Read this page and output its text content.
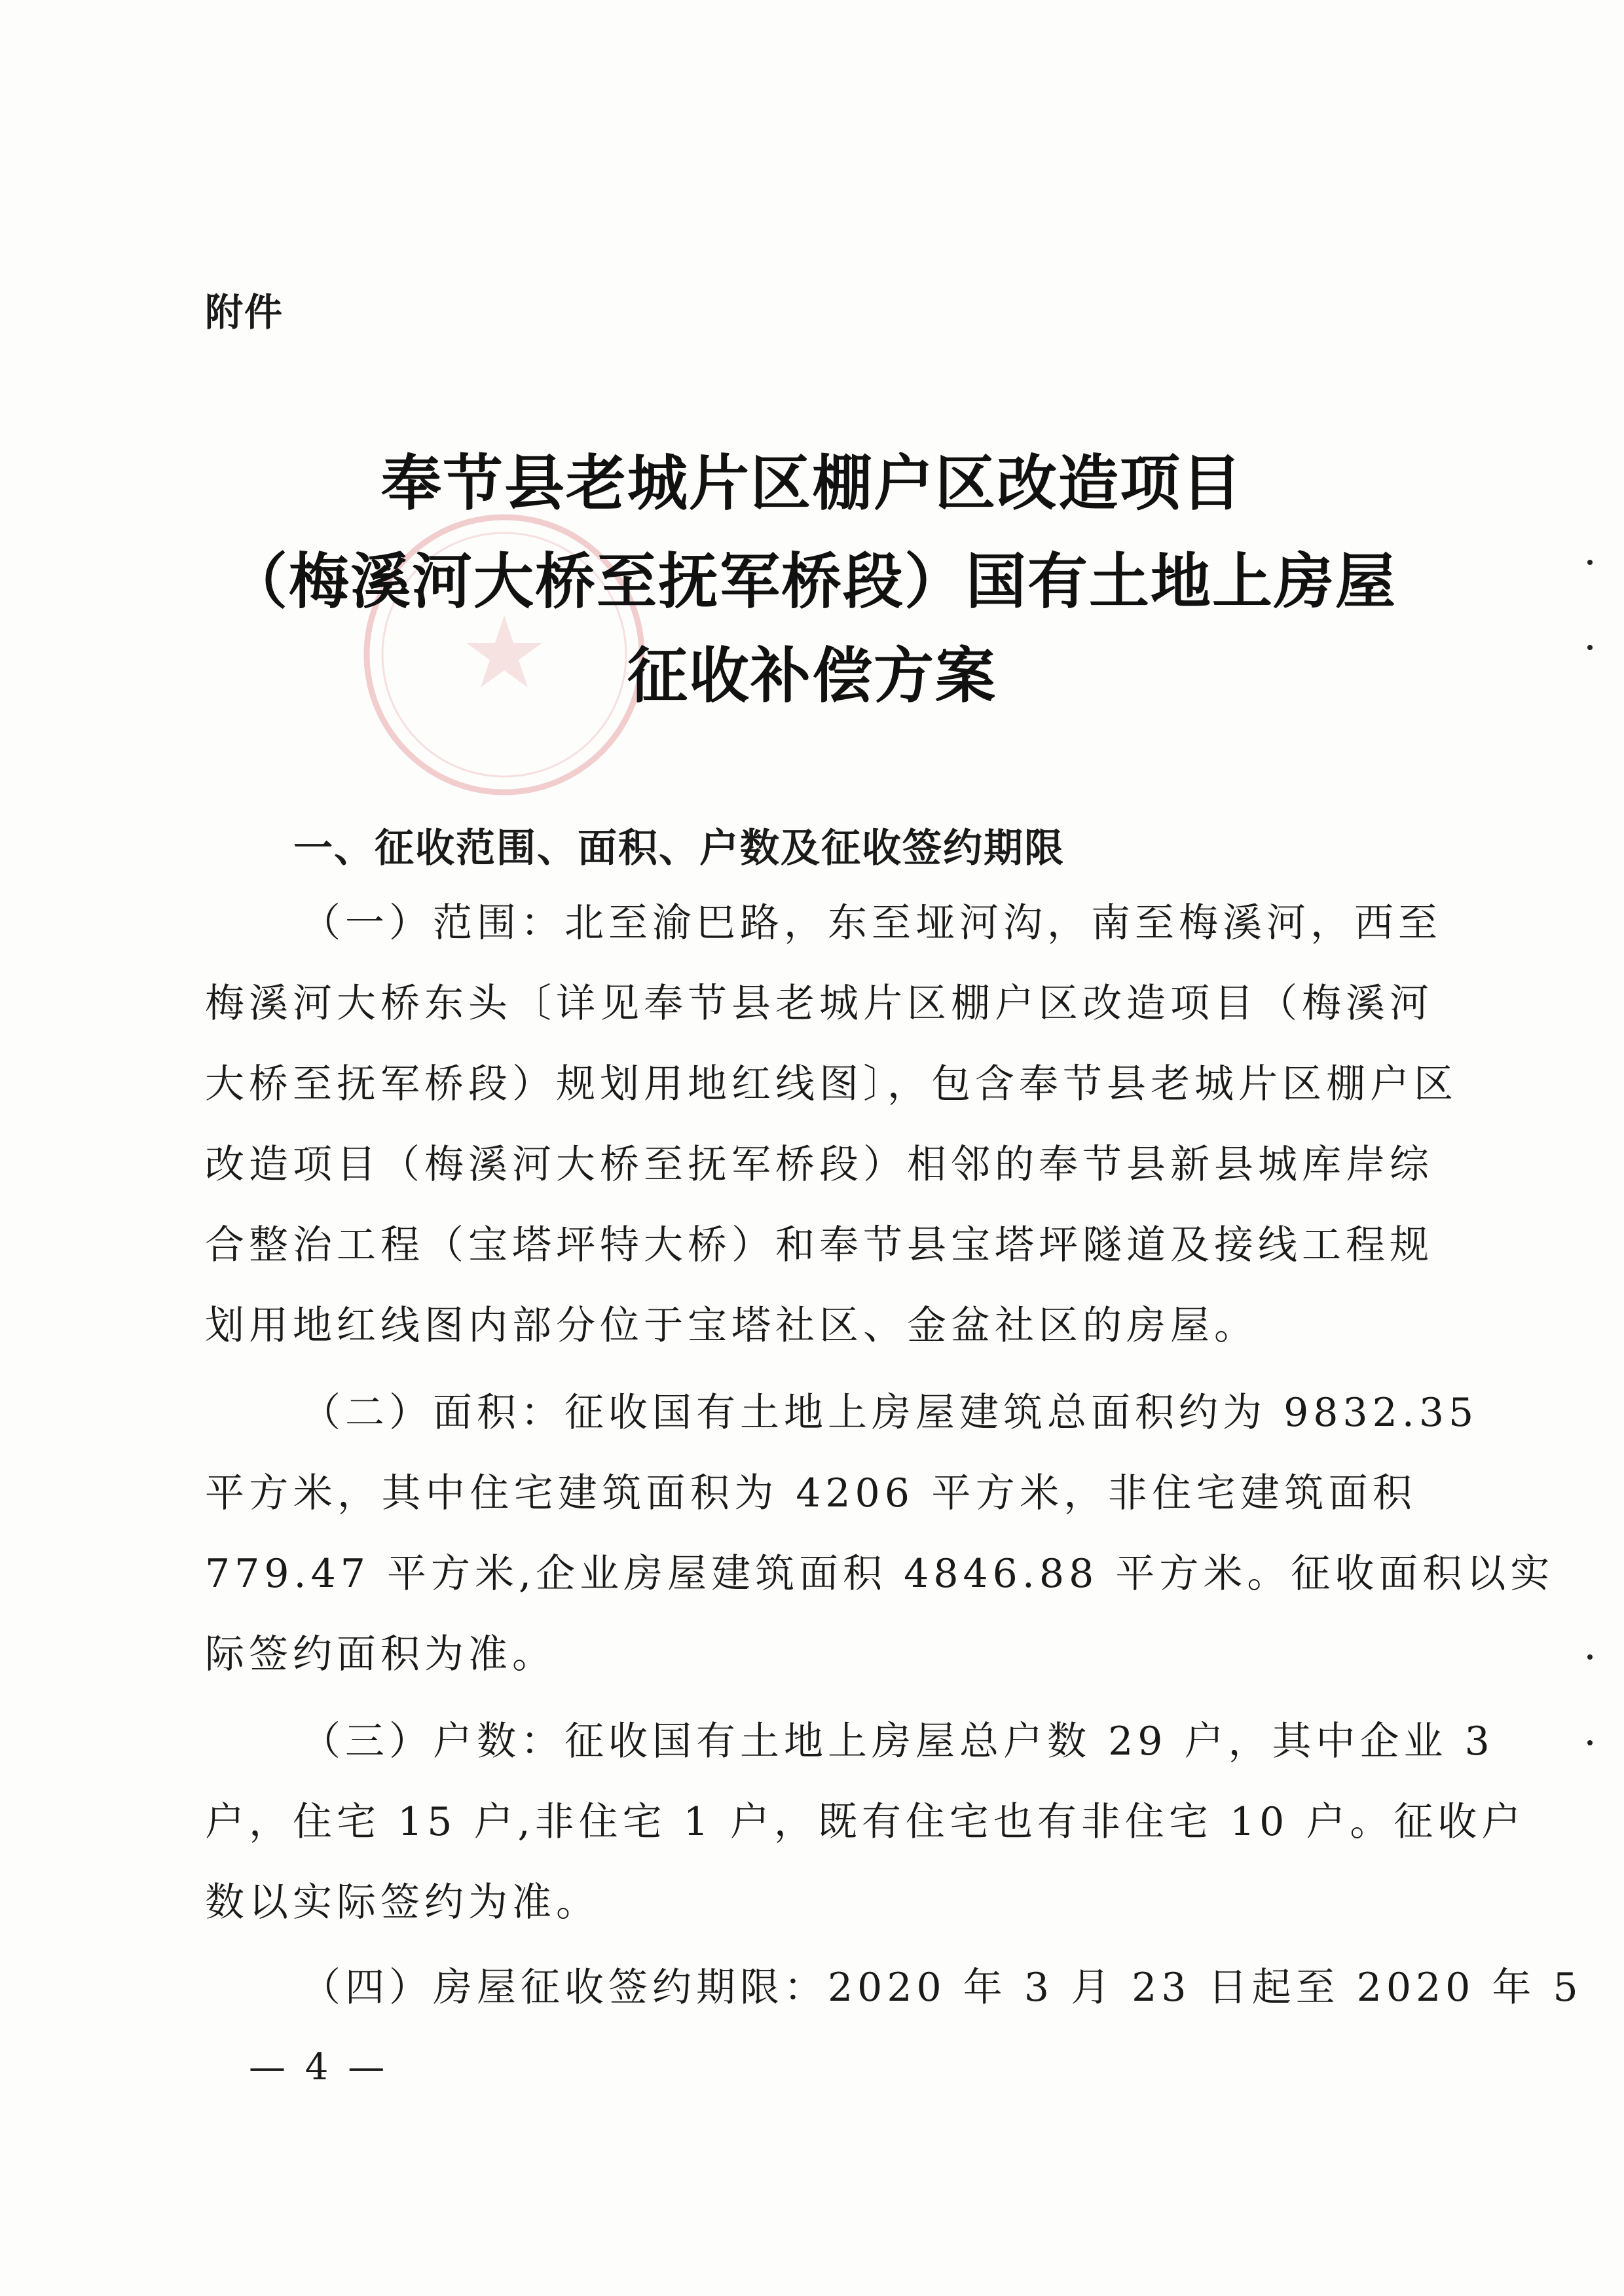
附件
奉节县老城片区棚户区改造项目
（梅溪河大桥至抚军桥段）国有土地上房屋
征收补偿方案
一、征收范围、面积、户数及征收签约期限
（一）范围：北至渝巴路，东至垭河沟，南至梅溪河，西至
梅溪河大桥东头〔详见奉节县老城片区棚户区改造项目（梅溪河
大桥至抚军桥段）规划用地红线图〕，包含奉节县老城片区棚户区
改造项目（梅溪河大桥至抚军桥段）相邻的奉节县新县城库岸综
合整治工程（宝塔坪特大桥）和奉节县宝塔坪隧道及接线工程规
划用地红线图内部分位于宝塔社区、金盆社区的房屋。
（二）面积：征收国有土地上房屋建筑总面积约为 9832.35
平方米，其中住宅建筑面积为 4206 平方米，非住宅建筑面积
779.47 平方米,企业房屋建筑面积 4846.88 平方米。征收面积以实
际签约面积为准。
（三）户数：征收国有土地上房屋总户数 29 户，其中企业 3
户，住宅 15 户,非住宅 1 户，既有住宅也有非住宅 10 户。征收户
数以实际签约为准。
（四）房屋征收签约期限：2020 年 3 月 23 日起至 2020 年 5
— 4 —
